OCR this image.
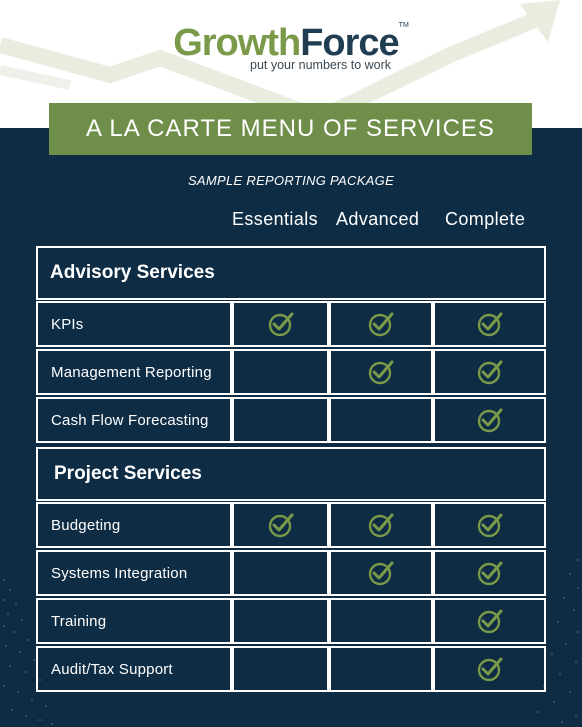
GrowthForce™
put your numbers to work
A LA CARTE MENU OF SERVICES
SAMPLE REPORTING PACKAGE
Essentials Advanced Complete
Advisory Services
KPIs
Management Reporting
Cash Flow Forecasting
Project Services
Budgeting
Systems Integration
Training
Audit/Tax Support
